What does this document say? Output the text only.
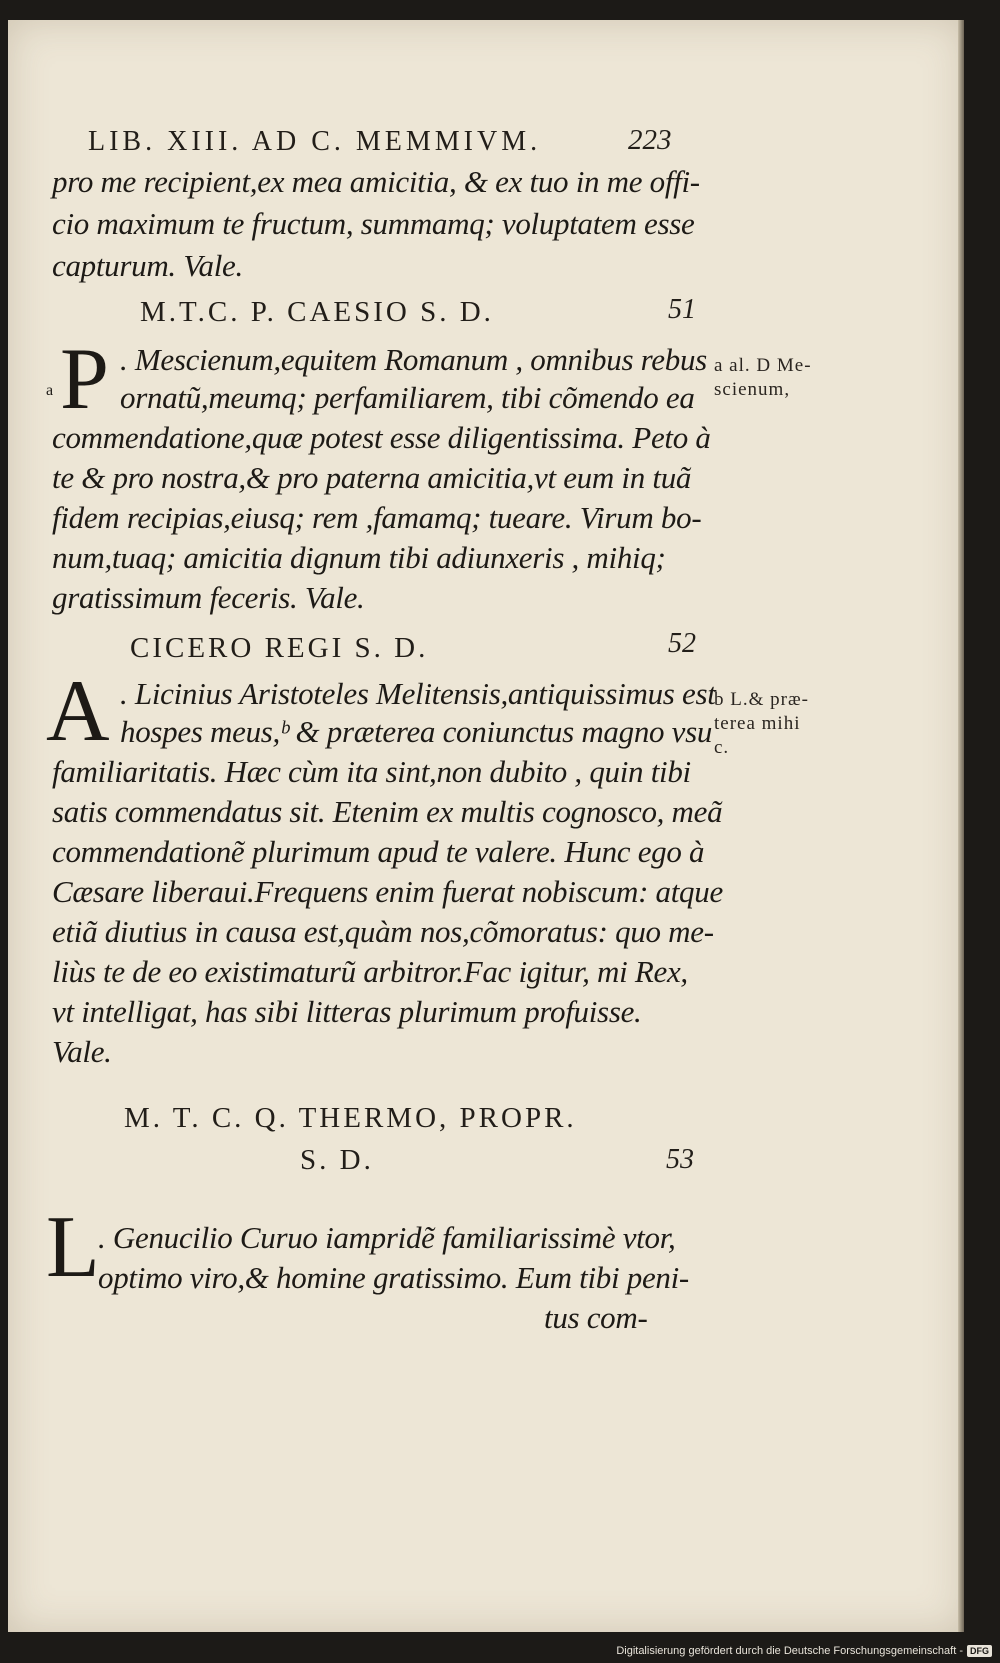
LIB. XIII. AD C. MEMMIVM.	223
pro me recipient,ex mea amicitia, & ex tuo in me offi-
cio maximum te fructum, summamq; voluptatem esse
capturum. Vale.
M.T.C. P. CAESIO S. D.	51
P
a
. Mescienum,equitem Romanum , omnibus rebus
ornatũ,meumq; perfamiliarem, tibi cõmendo ea
commendatione,quæ potest esse diligentissima. Peto à
te & pro nostra,& pro paterna amicitia,vt eum in tuã
fidem recipias,eiusq; rem ,famamq; tueare. Virum bo-
num,tuaq; amicitia dignum tibi adiunxeris , mihiq;
gratissimum feceris. Vale.
a al. D Me-
scienum,
CICERO REGI S. D.	52
A . Licinius Aristoteles Melitensis,antiquissimus est
hospes meus,ᵇ & præterea coniunctus magno vsu
familiaritatis. Hæc cùm ita sint,non dubito , quin tibi
satis commendatus sit. Etenim ex multis cognosco, meã
commendationẽ plurimum apud te valere. Hunc ego à
Cæsare liberaui.Frequens enim fuerat nobiscum: atque
etiã diutius in causa est,quàm nos,cõmoratus: quo me-
liùs te de eo existimaturũ arbitror.Fac igitur, mi Rex,
vt intelligat, has sibi litteras plurimum profuisse.
Vale.
b L.& præ-
terea mihi
c.
M. T. C. Q. THERMO, PROPR.
S. D.	53
L
. Genucilio Curuo iampridẽ familiarissimè vtor,
optimo viro,& homine gratissimo. Eum tibi peni-
tus com-
Digitalisierung gefördert durch die Deutsche Forschungsgemeinschaft - DFG
